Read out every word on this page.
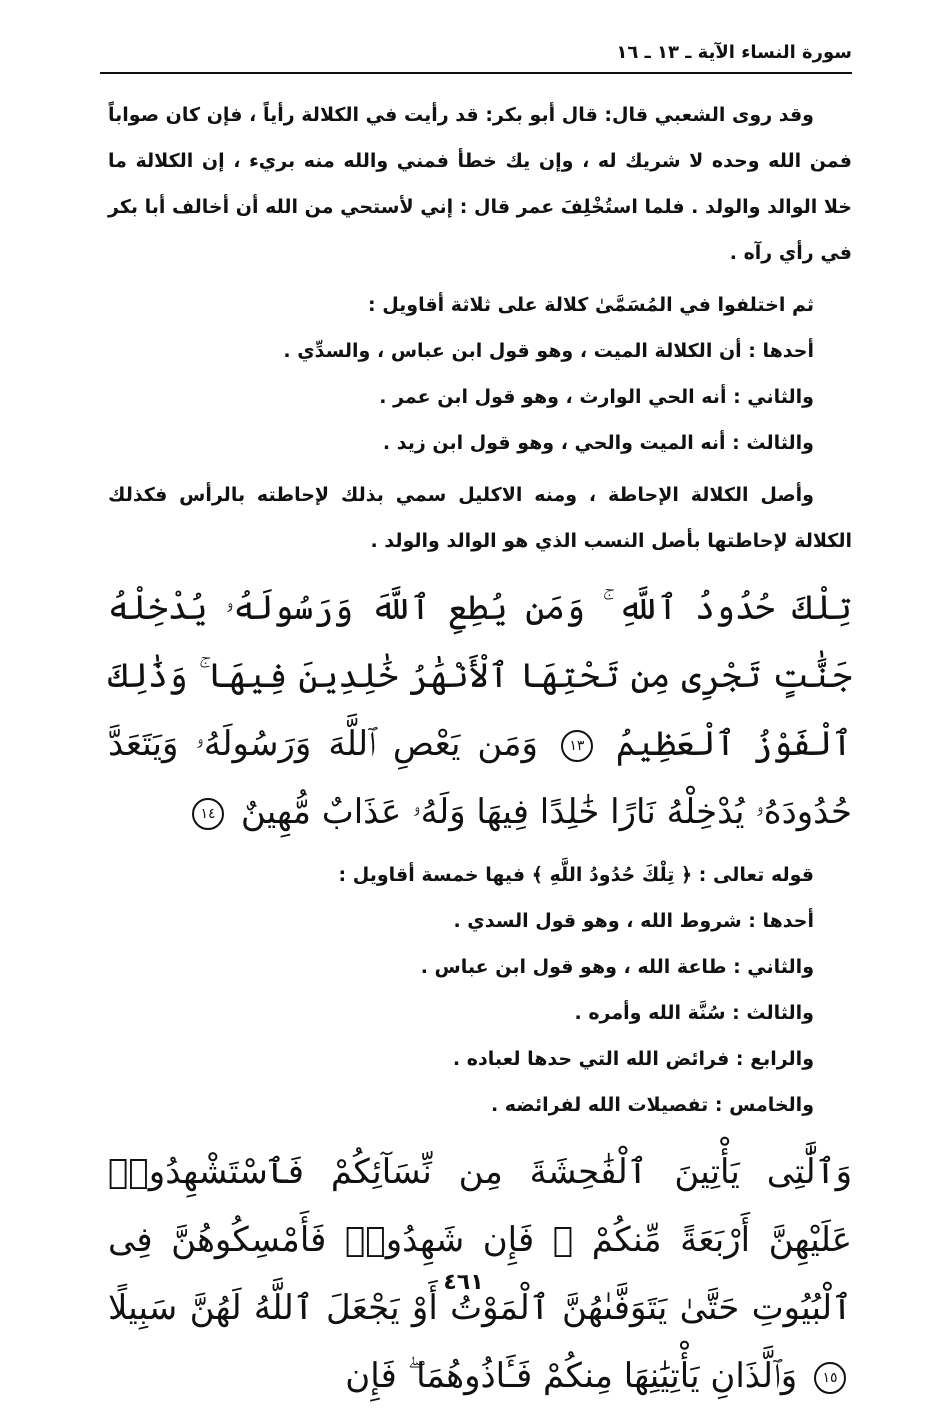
سورة النساء الآية ـ ١٣ ـ ١٦

وقد روى الشعبي قال: قال أبو بكر: قد رأيت في الكلالة رأياً ، فإن كان صواباً فمن الله وحده لا شريك له ، وإن يك خطأ فمني والله منه بريء ، إن الكلالة ما خلا الوالد والولد . فلما استُخْلِفَ عمر قال : إني لأستحي من الله أن أخالف أبا بكر في رأي رآه .

ثم اختلفوا في المُسَمَّىٰ كلالة على ثلاثة أقاويل :

أحدها : أن الكلالة الميت ، وهو قول ابن عباس ، والسدِّي .

والثاني : أنه الحي الوارث ، وهو قول ابن عمر .

والثالث : أنه الميت والحي ، وهو قول ابن زيد .

وأصل الكلالة الإحاطة ، ومنه الاكليل سمي بذلك لإحاطته بالرأس فكذلك الكلالة لإحاطتها بأصل النسب الذي هو الوالد والولد .

تِلْكَ حُدُودُ ٱللَّهِ ۚ وَمَن يُطِعِ ٱللَّهَ وَرَسُولَهُۥ يُدْخِلْهُ جَنَّٰتٍ تَجْرِى مِن تَحْتِهَا ٱلْأَنْهَٰرُ خَٰلِدِينَ فِيهَا ۚ وَذَٰلِكَ ٱلْفَوْزُ ٱلْعَظِيمُ ١٣ وَمَن يَعْصِ ٱللَّهَ وَرَسُولَهُۥ وَيَتَعَدَّ حُدُودَهُۥ يُدْخِلْهُ نَارًا خَٰلِدًا فِيهَا وَلَهُۥ عَذَابٌ مُّهِينٌ ١٤

قوله تعالى : ﴿ تِلْكَ حُدُودُ اللَّهِ ﴾ فيها خمسة أقاويل :

أحدها : شروط الله ، وهو قول السدي .

والثاني : طاعة الله ، وهو قول ابن عباس .

والثالث : سُنَّة الله وأمره .

والرابع : فرائض الله التي حدها لعباده .

والخامس : تفصيلات الله لفرائضه .

وَٱلَّٰتِى يَأْتِينَ ٱلْفَٰحِشَةَ مِن نِّسَآئِكُمْ فَٱسْتَشْهِدُوا۟ عَلَيْهِنَّ أَرْبَعَةً مِّنكُمْ ۖ فَإِن شَهِدُوا۟ فَأَمْسِكُوهُنَّ فِى ٱلْبُيُوتِ حَتَّىٰ يَتَوَفَّىٰهُنَّ ٱلْمَوْتُ أَوْ يَجْعَلَ ٱللَّهُ لَهُنَّ سَبِيلًا ١٥ وَٱلَّذَانِ يَأْتِيَٰنِهَا مِنكُمْ فَـَٔاذُوهُمَا ۖ فَإِن

٤٦١
